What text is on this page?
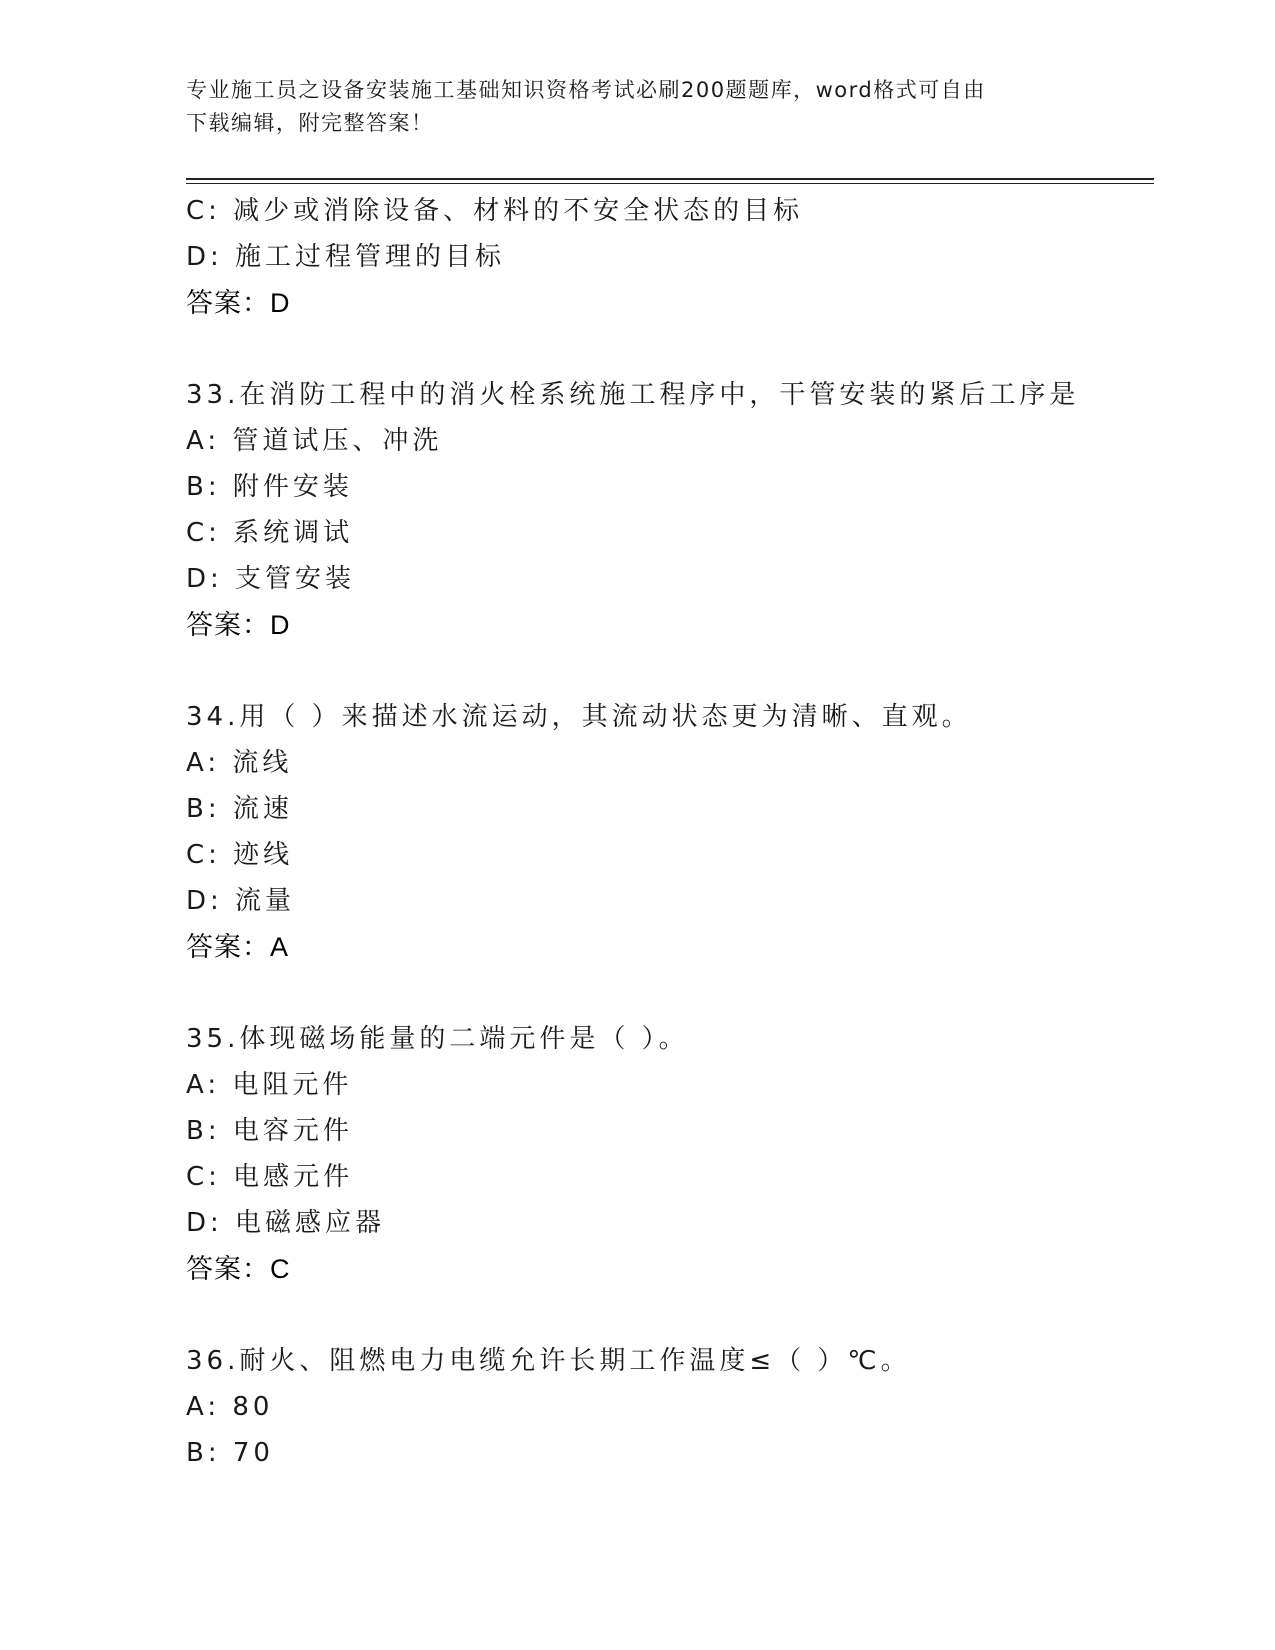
专业施工员之设备安装施工基础知识资格考试必刷200题题库，word格式可自由
下载编辑，附完整答案！
C: 减少或消除设备、材料的不安全状态的目标
D: 施工过程管理的目标
答案：D
33.在消防工程中的消火栓系统施工程序中，干管安装的紧后工序是
A: 管道试压、冲洗
B: 附件安装
C: 系统调试
D: 支管安装
答案：D
34.用（ ）来描述水流运动，其流动状态更为清晰、直观。
A: 流线
B: 流速
C: 迹线
D: 流量
答案：A
35.体现磁场能量的二端元件是（ ）。
A: 电阻元件
B: 电容元件
C: 电感元件
D: 电磁感应器
答案：C
36.耐火、阻燃电力电缆允许长期工作温度≤（ ）℃。
A: 80
B: 70
